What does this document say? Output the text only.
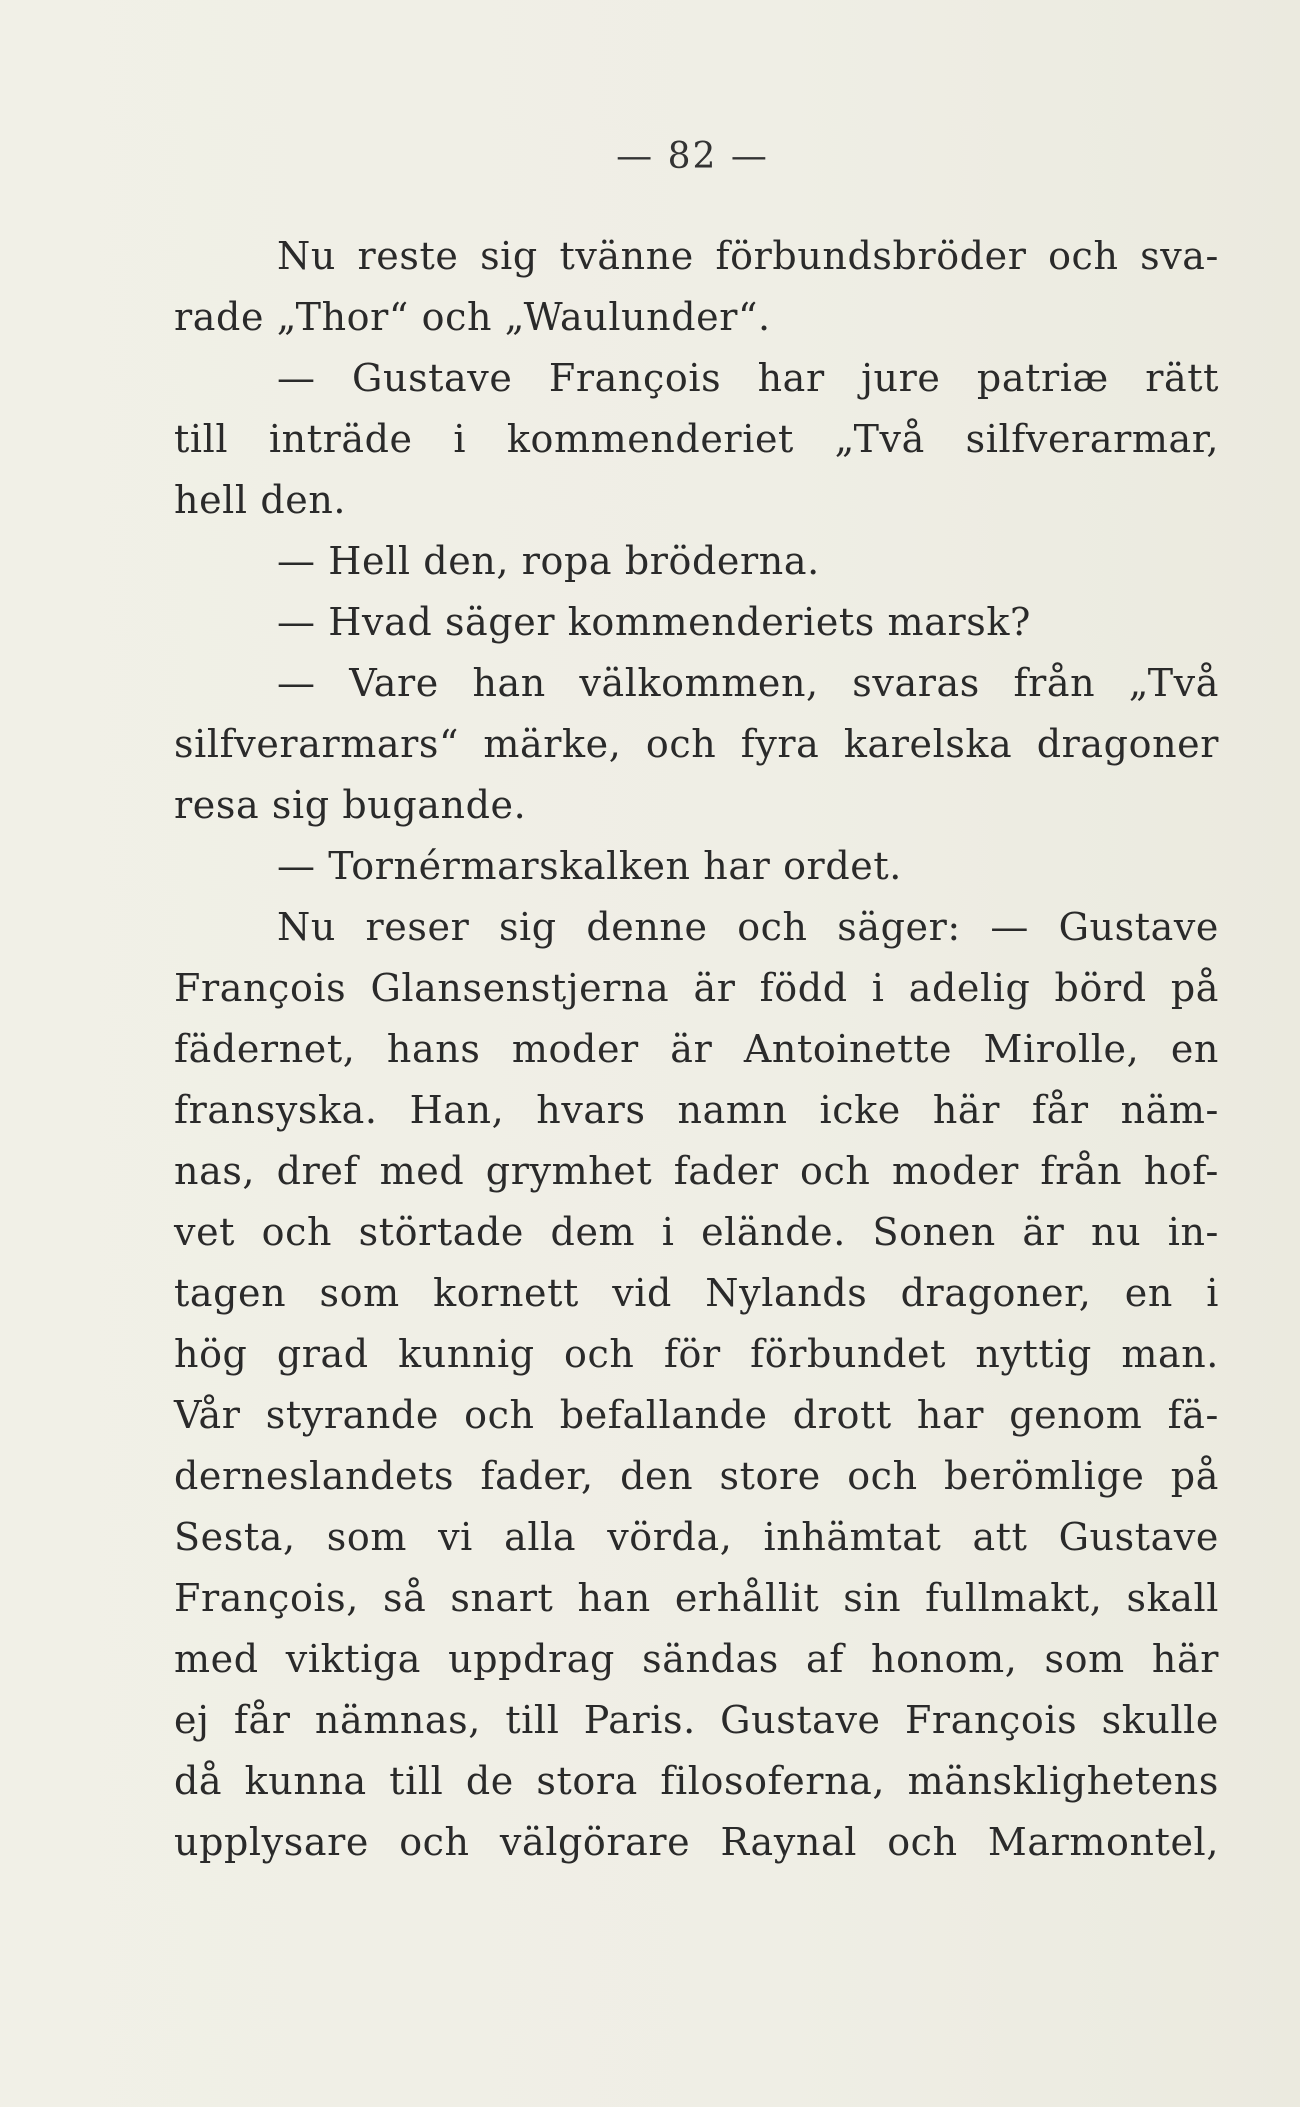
— 82 —
Nu reste sig tvänne förbundsbröder och sva-
rade „Thor“ och „Waulunder“.
— Gustave François har jure patriæ rätt
till inträde i kommenderiet „Två silfverarmar,
hell den.
— Hell den, ropa bröderna.
— Hvad säger kommenderiets marsk?
— Vare han välkommen, svaras från „Två
silfverarmars“ märke, och fyra karelska dragoner
resa sig bugande.
— Tornérmarskalken har ordet.
Nu reser sig denne och säger: — Gustave
François Glansenstjerna är född i adelig börd på
fädernet, hans moder är Antoinette Mirolle, en
fransyska. Han, hvars namn icke här får näm-
nas, dref med grymhet fader och moder från hof-
vet och störtade dem i elände. Sonen är nu in-
tagen som kornett vid Nylands dragoner, en i
hög grad kunnig och för förbundet nyttig man.
Vår styrande och befallande drott har genom fä-
derneslandets fader, den store och berömlige på
Sesta, som vi alla vörda, inhämtat att Gustave
François, så snart han erhållit sin fullmakt, skall
med viktiga uppdrag sändas af honom, som här
ej får nämnas, till Paris. Gustave François skulle
då kunna till de stora filosoferna, mänsklighetens
upplysare och välgörare Raynal och Marmontel,
